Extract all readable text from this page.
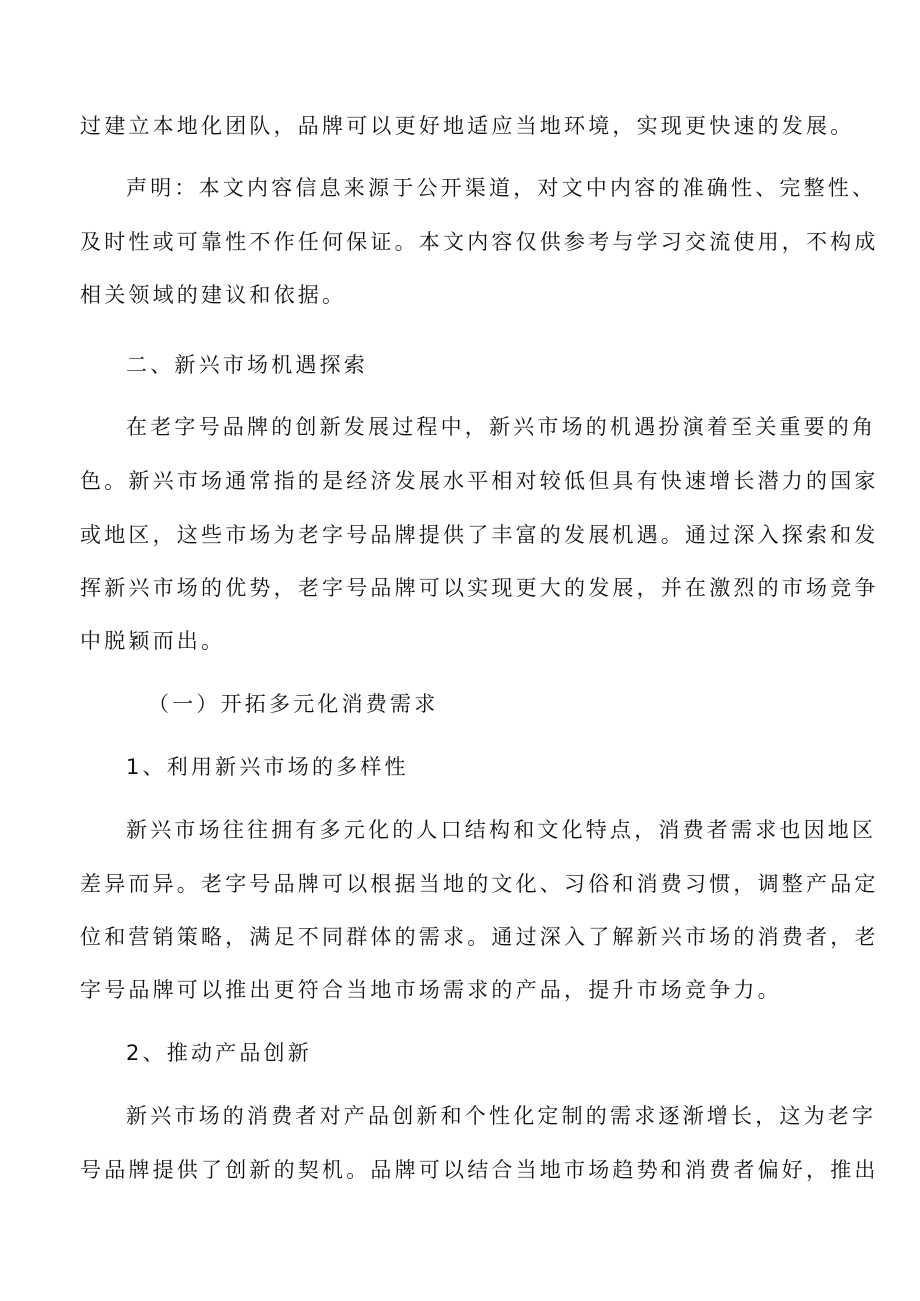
过建立本地化团队，品牌可以更好地适应当地环境，实现更快速的发展。
声明：本文内容信息来源于公开渠道，对文中内容的准确性、完整性、
及时性或可靠性不作任何保证。本文内容仅供参考与学习交流使用，不构成
相关领域的建议和依据。
二、新兴市场机遇探索
在老字号品牌的创新发展过程中，新兴市场的机遇扮演着至关重要的角
色。新兴市场通常指的是经济发展水平相对较低但具有快速增长潜力的国家
或地区，这些市场为老字号品牌提供了丰富的发展机遇。通过深入探索和发
挥新兴市场的优势，老字号品牌可以实现更大的发展，并在激烈的市场竞争
中脱颖而出。
（一）开拓多元化消费需求
1、利用新兴市场的多样性
新兴市场往往拥有多元化的人口结构和文化特点，消费者需求也因地区
差异而异。老字号品牌可以根据当地的文化、习俗和消费习惯，调整产品定
位和营销策略，满足不同群体的需求。通过深入了解新兴市场的消费者，老
字号品牌可以推出更符合当地市场需求的产品，提升市场竞争力。
2、推动产品创新
新兴市场的消费者对产品创新和个性化定制的需求逐渐增长，这为老字
号品牌提供了创新的契机。品牌可以结合当地市场趋势和消费者偏好，推出
